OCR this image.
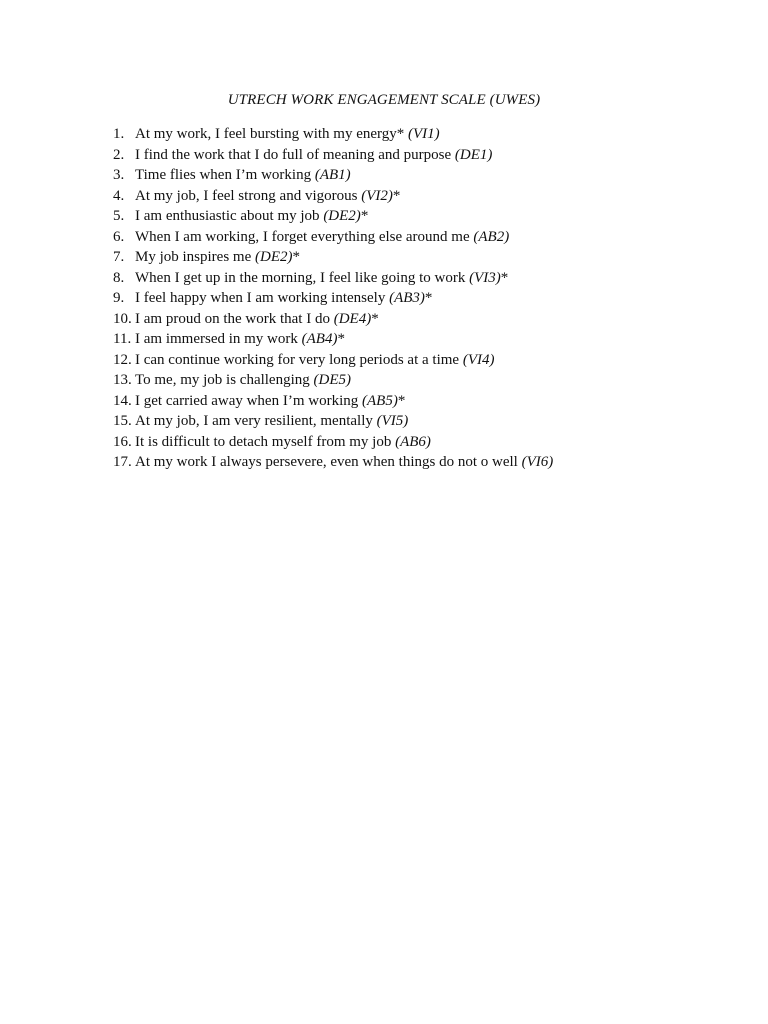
UTRECH WORK ENGAGEMENT SCALE (UWES)
1. At my work, I feel bursting with my energy* (VI1)
2. I find the work that I do full of meaning and purpose (DE1)
3. Time flies when I’m working (AB1)
4. At my job, I feel strong and vigorous (VI2)*
5. I am enthusiastic about my job (DE2)*
6. When I am working, I forget everything else around me (AB2)
7. My job inspires me (DE2)*
8. When I get up in the morning, I feel like going to work (VI3)*
9. I feel happy when I am working intensely (AB3)*
10. I am proud on the work that I do (DE4)*
11. I am immersed in my work (AB4)*
12. I can continue working for very long periods at a time (VI4)
13. To me, my job is challenging (DE5)
14. I get carried away when I’m working (AB5)*
15. At my job, I am very resilient, mentally (VI5)
16. It is difficult to detach myself from my job (AB6)
17. At my work I always persevere, even when things do not o well (VI6)
